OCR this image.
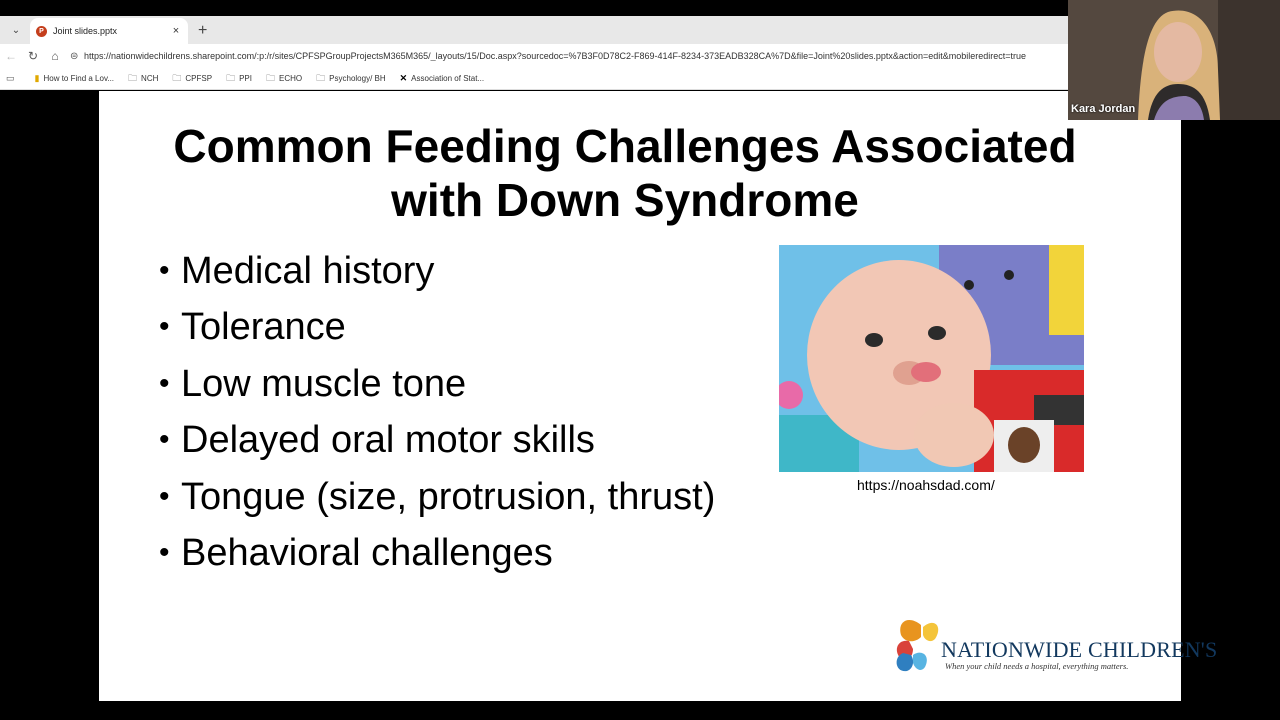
⌄	P	Joint slides.pptx	× +
← ↻	⌂	⊜ https://nationwidechildrens.sharepoint.com/:p:/r/sites/CPFSPGroupProjectsM365M365/_layouts/15/Doc.aspx?sourcedoc=%7B3F0D78C2-F869-414F-8234-373EADB328CA%7D&file=Joint%20slides.pptx&action=edit&mobileredirect=true
▭ ▮ How to Find a Lov... 🗀 NCH 🗀 CPFSP 🗀 PPI 🗀 ECHO 🗀 Psychology/ BH ✕ Association of Stat...
Common Feeding Challenges Associated
with Down Syndrome
• Medical history
• Tolerance
• Low muscle tone
• Delayed oral motor skills
• Tongue (size, protrusion, thrust)
• Behavioral challenges
https://noahsdad.com/
NATIONWIDE CHILDREN'S
When your child needs a hospital, everything matters.
Kara Jordan
